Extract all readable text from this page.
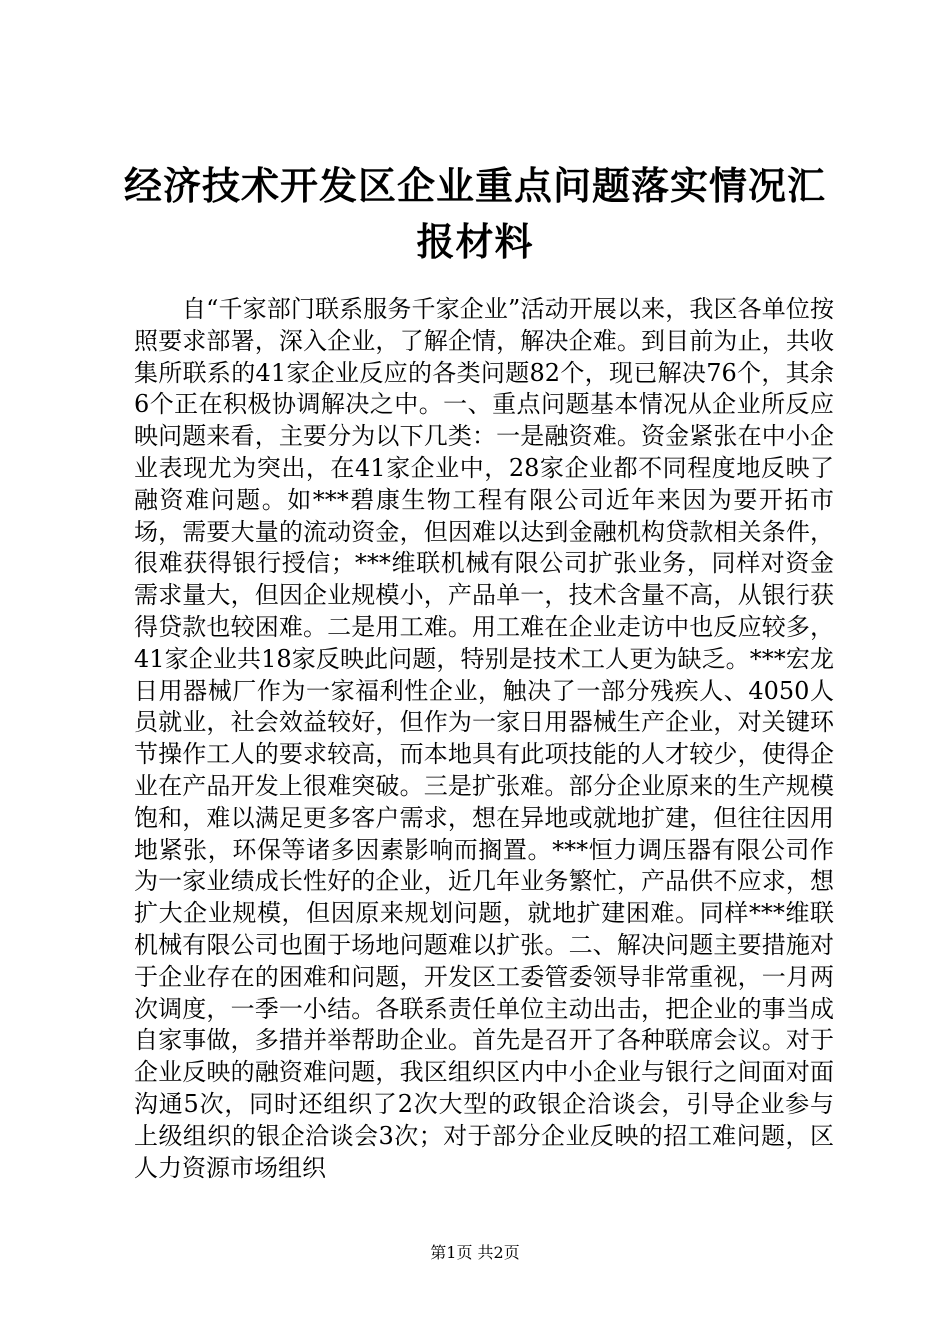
经济技术开发区企业重点问题落实情况汇报材料

自“千家部门联系服务千家企业”活动开展以来，我区各单位按照要求部署，深入企业，了解企情，解决企难。到目前为止，共收集所联系的41家企业反应的各类问题82个，现已解决76个，其余6个正在积极协调解决之中。一、重点问题基本情况从企业所反应映问题来看，主要分为以下几类：一是融资难。资金紧张在中小企业表现尤为突出，在41家企业中，28家企业都不同程度地反映了融资难问题。如***碧康生物工程有限公司近年来因为要开拓市场，需要大量的流动资金，但因难以达到金融机构贷款相关条件，很难获得银行授信；***维联机械有限公司扩张业务，同样对资金需求量大，但因企业规模小，产品单一，技术含量不高，从银行获得贷款也较困难。二是用工难。用工难在企业走访中也反应较多，41家企业共18家反映此问题，特别是技术工人更为缺乏。***宏龙日用器械厂作为一家福利性企业，触决了一部分残疾人、4050人员就业，社会效益较好，但作为一家日用器械生产企业，对关键环节操作工人的要求较高，而本地具有此项技能的人才较少，使得企业在产品开发上很难突破。三是扩张难。部分企业原来的生产规模饱和，难以满足更多客户需求，想在异地或就地扩建，但往往因用地紧张，环保等诸多因素影响而搁置。***恒力调压器有限公司作为一家业绩成长性好的企业，近几年业务繁忙，产品供不应求，想扩大企业规模，但因原来规划问题，就地扩建困难。同样***维联机械有限公司也囿于场地问题难以扩张。二、解决问题主要措施对于企业存在的困难和问题，开发区工委管委领导非常重视，一月两次调度，一季一小结。各联系责任单位主动出击，把企业的事当成自家事做，多措并举帮助企业。首先是召开了各种联席会议。对于企业反映的融资难问题，我区组织区内中小企业与银行之间面对面沟通5次，同时还组织了2次大型的政银企洽谈会，引导企业参与上级组织的银企洽谈会3次；对于部分企业反映的招工难问题，区人力资源市场组织

第1页 共2页
